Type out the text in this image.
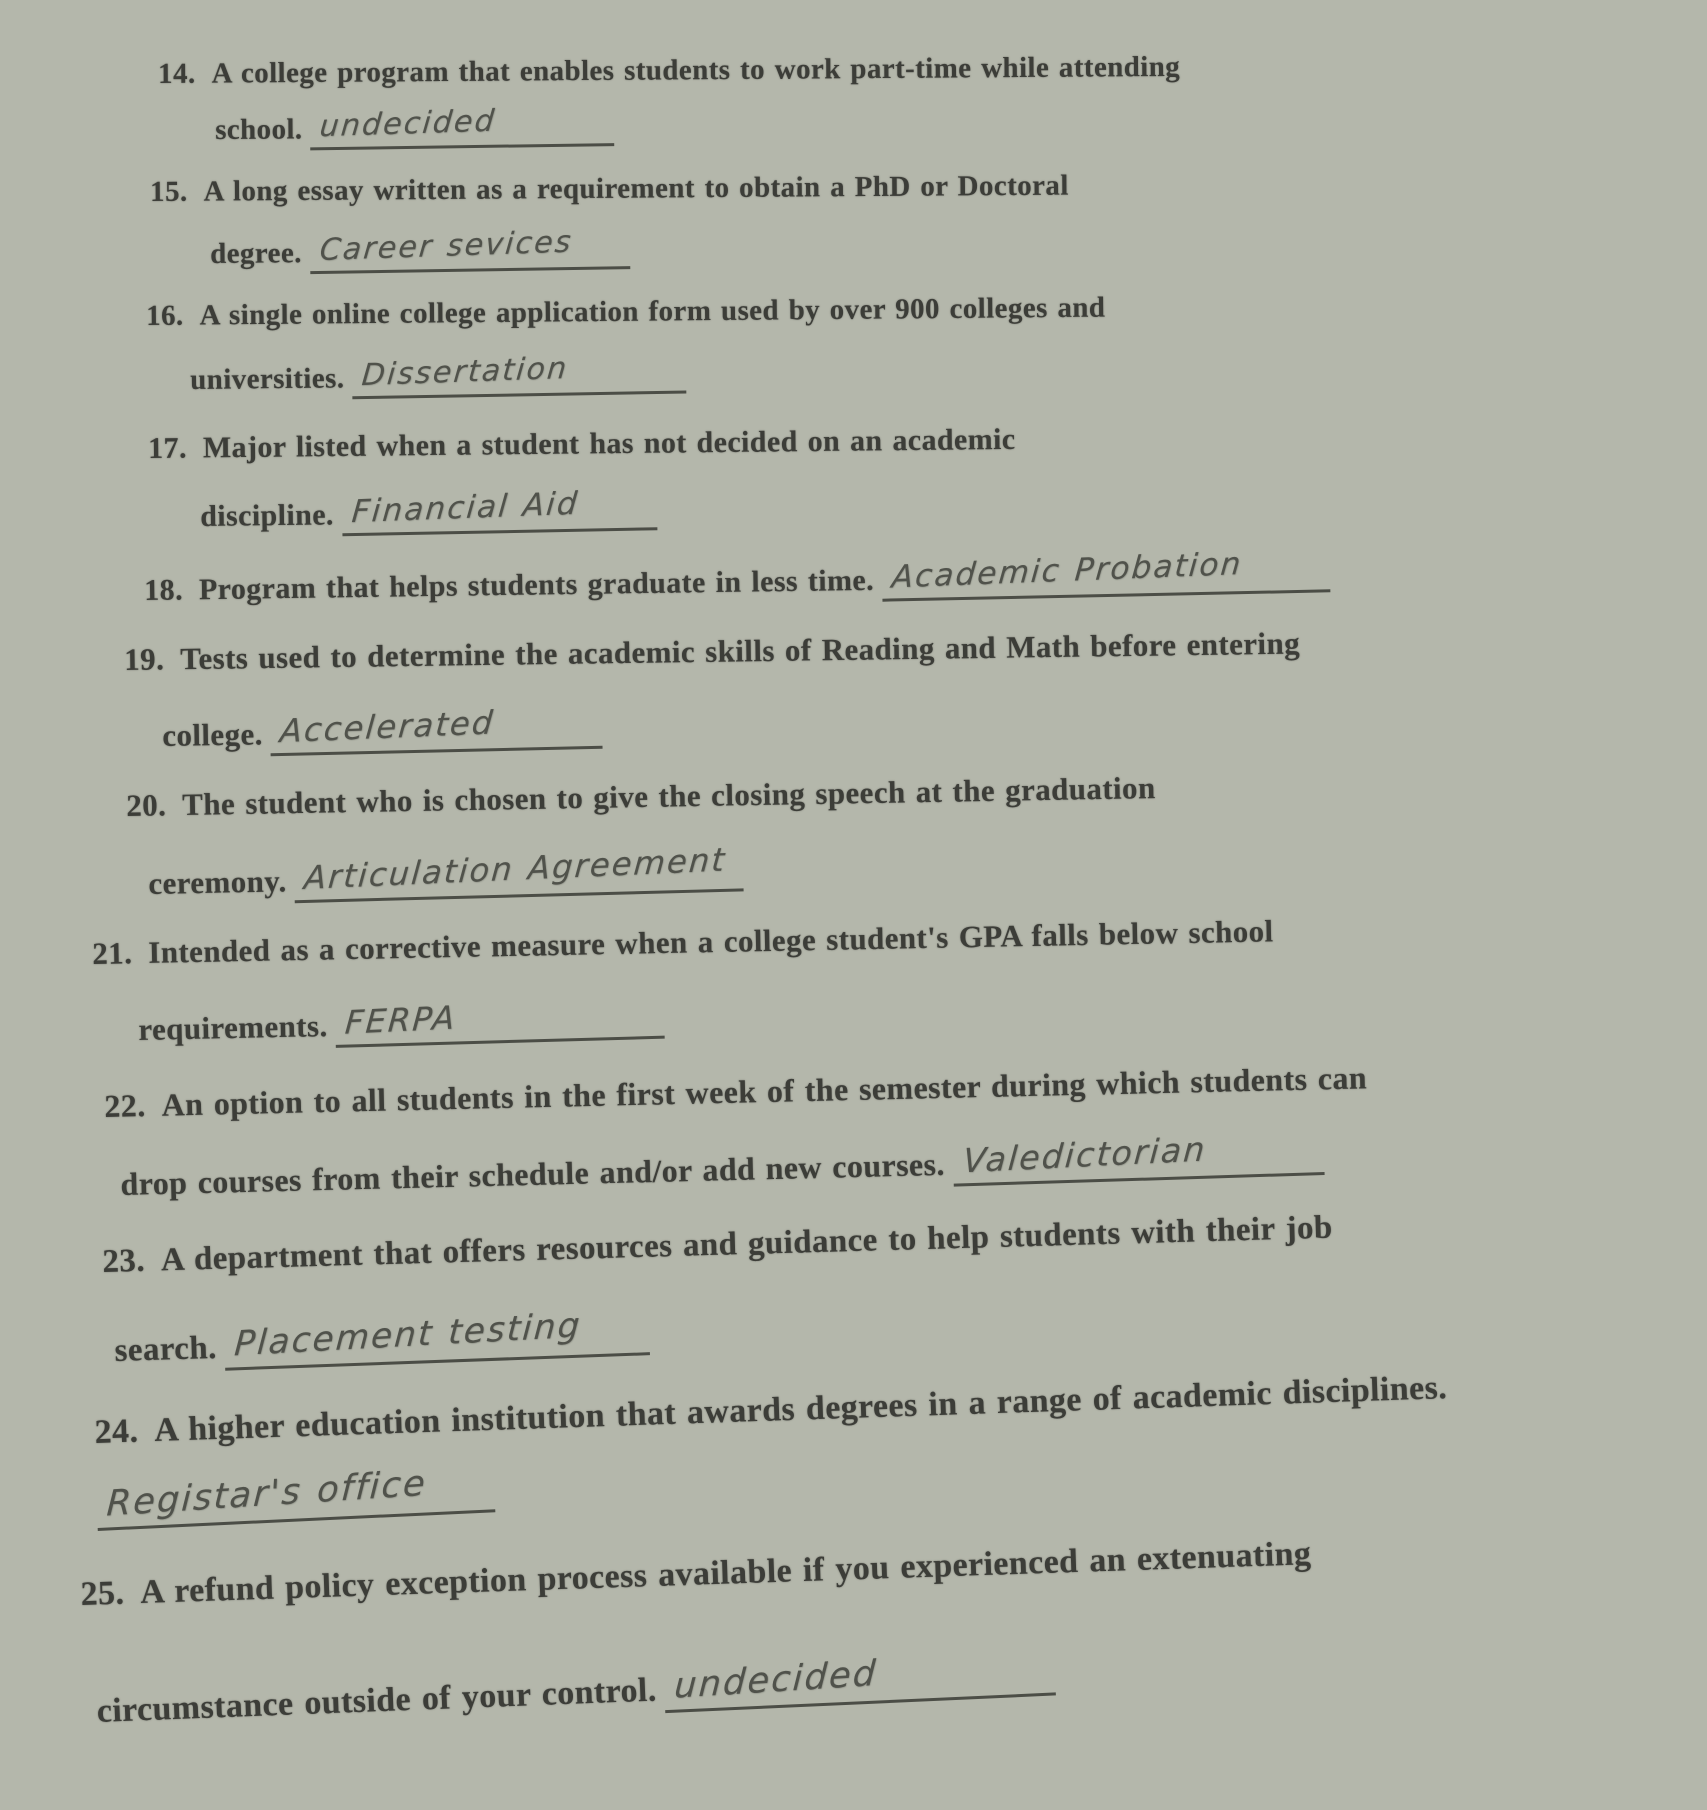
14. A college program that enables students to work part-time while attending
school. undecided
15. A long essay written as a requirement to obtain a PhD or Doctoral
degree. Career sevices
16. A single online college application form used by over 900 colleges and
universities. Dissertation
17. Major listed when a student has not decided on an academic
discipline. Financial Aid
18. Program that helps students graduate in less time. Academic Probation
19. Tests used to determine the academic skills of Reading and Math before entering
college. Accelerated
20. The student who is chosen to give the closing speech at the graduation
ceremony. Articulation Agreement
21. Intended as a corrective measure when a college student's GPA falls below school
requirements. FERPA
22. An option to all students in the first week of the semester during which students can
drop courses from their schedule and/or add new courses. Valedictorian
23. A department that offers resources and guidance to help students with their job
search. Placement testing
24. A higher education institution that awards degrees in a range of academic disciplines.
Registar's office
25. A refund policy exception process available if you experienced an extenuating
circumstance outside of your control. undecided
